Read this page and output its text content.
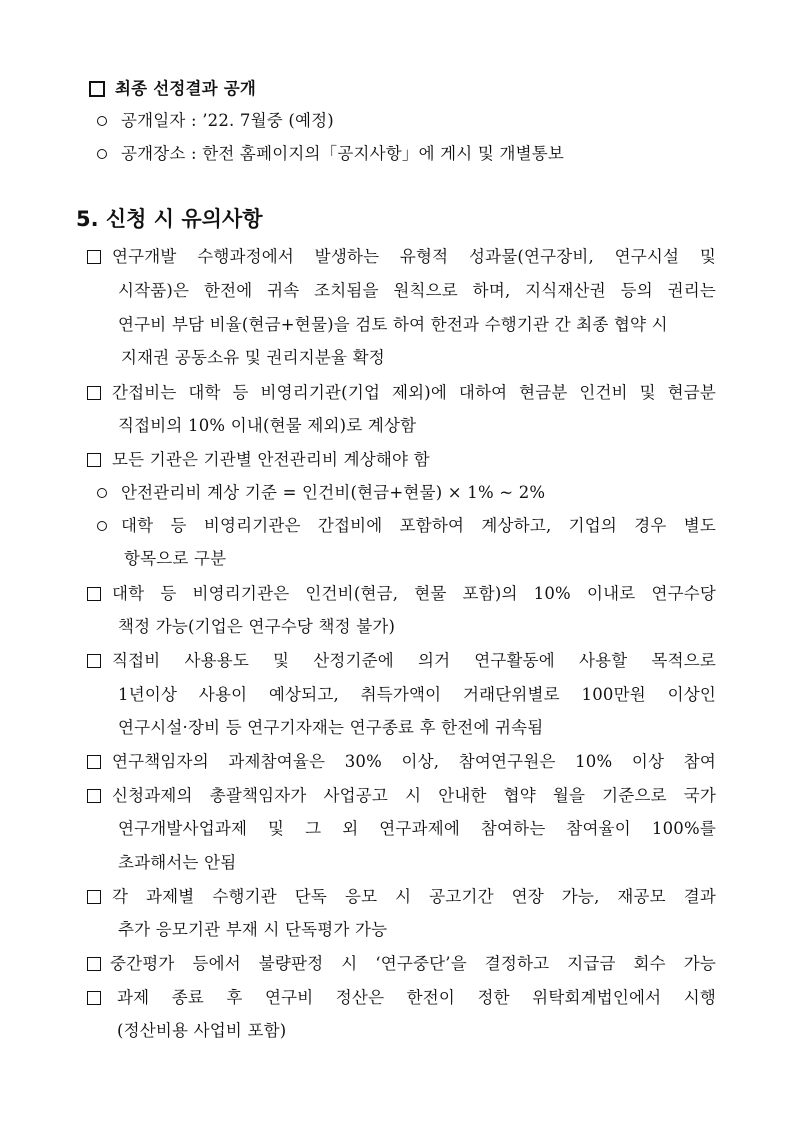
최종 선정결과 공개
공개일자 : ’22. 7월중 (예정)
공개장소 : 한전 홈페이지의「공지사항」에 게시 및 개별통보
5. 신청 시 유의사항
연구개발 수행과정에서 발생하는 유형적 성과물(연구장비, 연구시설 및
시작품)은 한전에 귀속 조치됨을 원칙으로 하며, 지식재산권 등의 권리는
연구비 부담 비율(현금+현물)을 검토 하여 한전과 수행기관 간 최종 협약 시
지재권 공동소유 및 권리지분율 확정
간접비는 대학 등 비영리기관(기업 제외)에 대하여 현금분 인건비 및 현금분
직접비의 10% 이내(현물 제외)로 계상함
모든 기관은 기관별 안전관리비 계상해야 함
안전관리비 계상 기준 = 인건비(현금+현물) × 1% ~ 2%
대학 등 비영리기관은 간접비에 포함하여 계상하고, 기업의 경우 별도
항목으로 구분
대학 등 비영리기관은 인건비(현금, 현물 포함)의 10% 이내로 연구수당
책정 가능(기업은 연구수당 책정 불가)
직접비 사용용도 및 산정기준에 의거 연구활동에 사용할 목적으로
1년이상 사용이 예상되고, 취득가액이 거래단위별로 100만원 이상인
연구시설·장비 등 연구기자재는 연구종료 후 한전에 귀속됨
연구책임자의 과제참여율은 30% 이상, 참여연구원은 10% 이상 참여
신청과제의 총괄책임자가 사업공고 시 안내한 협약 월을 기준으로 국가
연구개발사업과제 및 그 외 연구과제에 참여하는 참여율이 100%를
초과해서는 안됨
각 과제별 수행기관 단독 응모 시 공고기간 연장 가능, 재공모 결과
추가 응모기관 부재 시 단독평가 가능
중간평가 등에서 불량판정 시 ‘연구중단’을 결정하고 지급금 회수 가능
과제 종료 후 연구비 정산은 한전이 정한 위탁회계법인에서 시행
(정산비용 사업비 포함)
